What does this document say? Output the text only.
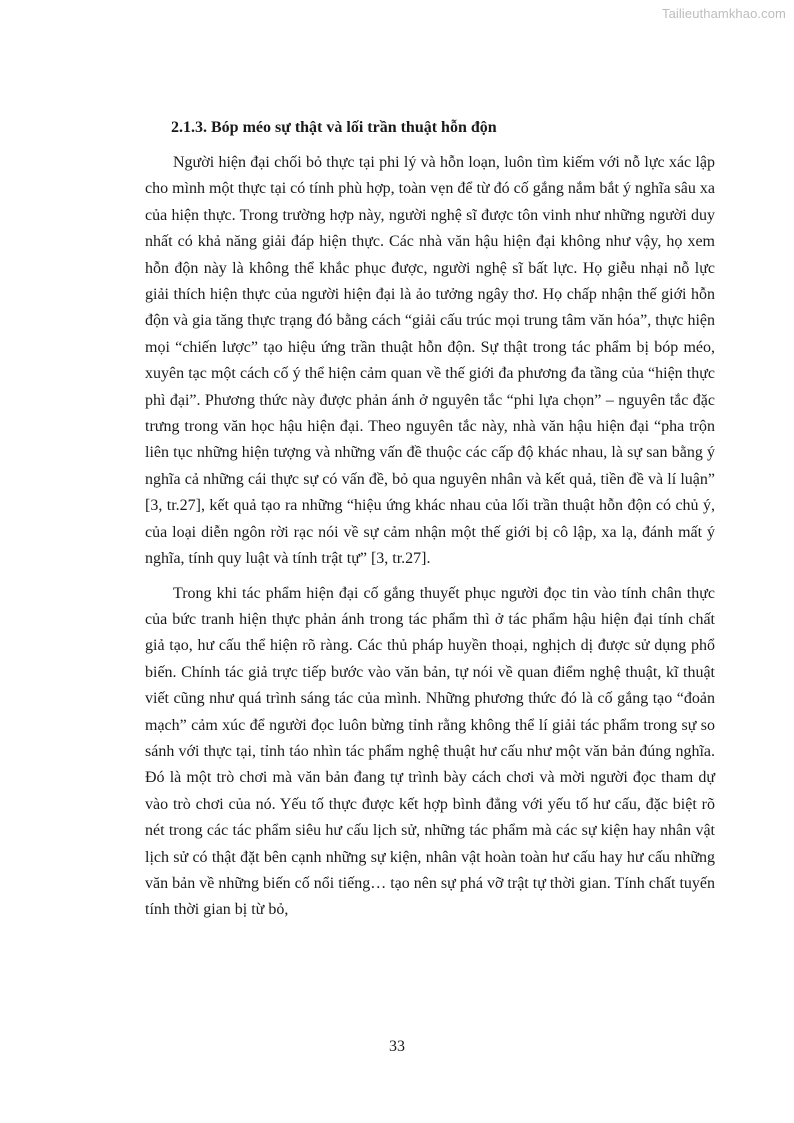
Tailieuthamkhao.com
2.1.3. Bóp méo sự thật và lối trần thuật hỗn độn

Người hiện đại chối bỏ thực tại phi lý và hỗn loạn, luôn tìm kiếm với nỗ lực xác lập cho mình một thực tại có tính phù hợp, toàn vẹn để từ đó cố gắng nắm bắt ý nghĩa sâu xa của hiện thực. Trong trường hợp này, người nghệ sĩ được tôn vinh như những người duy nhất có khả năng giải đáp hiện thực. Các nhà văn hậu hiện đại không như vậy, họ xem hỗn độn này là không thể khắc phục được, người nghệ sĩ bất lực. Họ giễu nhại nỗ lực giải thích hiện thực của người hiện đại là ảo tưởng ngây thơ. Họ chấp nhận thế giới hỗn độn và gia tăng thực trạng đó bằng cách “giải cấu trúc mọi trung tâm văn hóa”, thực hiện mọi “chiến lược” tạo hiệu ứng trần thuật hỗn độn. Sự thật trong tác phẩm bị bóp méo, xuyên tạc một cách cố ý thể hiện cảm quan về thế giới đa phương đa tầng của “hiện thực phì đại”. Phương thức này được phản ánh ở nguyên tắc “phi lựa chọn” – nguyên tắc đặc trưng trong văn học hậu hiện đại. Theo nguyên tắc này, nhà văn hậu hiện đại “pha trộn liên tục những hiện tượng và những vấn đề thuộc các cấp độ khác nhau, là sự san bằng ý nghĩa cả những cái thực sự có vấn đề, bỏ qua nguyên nhân và kết quả, tiền đề và lí luận” [3, tr.27], kết quả tạo ra những “hiệu ứng khác nhau của lối trần thuật hỗn độn có chủ ý, của loại diễn ngôn rời rạc nói về sự cảm nhận một thế giới bị cô lập, xa lạ, đánh mất ý nghĩa, tính quy luật và tính trật tự” [3, tr.27].

Trong khi tác phẩm hiện đại cố gắng thuyết phục người đọc tin vào tính chân thực của bức tranh hiện thực phản ánh trong tác phẩm thì ở tác phẩm hậu hiện đại tính chất giả tạo, hư cấu thể hiện rõ ràng. Các thủ pháp huyền thoại, nghịch dị được sử dụng phổ biến. Chính tác giả trực tiếp bước vào văn bản, tự nói về quan điểm nghệ thuật, kĩ thuật viết cũng như quá trình sáng tác của mình. Những phương thức đó là cố gắng tạo “đoản mạch” cảm xúc để người đọc luôn bừng tỉnh rằng không thể lí giải tác phẩm trong sự so sánh với thực tại, tỉnh táo nhìn tác phẩm nghệ thuật hư cấu như một văn bản đúng nghĩa. Đó là một trò chơi mà văn bản đang tự trình bày cách chơi và mời người đọc tham dự vào trò chơi của nó. Yếu tố thực được kết hợp bình đẳng với yếu tố hư cấu, đặc biệt rõ nét trong các tác phẩm siêu hư cấu lịch sử, những tác phẩm mà các sự kiện hay nhân vật lịch sử có thật đặt bên cạnh những sự kiện, nhân vật hoàn toàn hư cấu hay hư cấu những văn bản về những biến cố nổi tiếng… tạo nên sự phá vỡ trật tự thời gian. Tính chất tuyến tính thời gian bị từ bỏ,

33
